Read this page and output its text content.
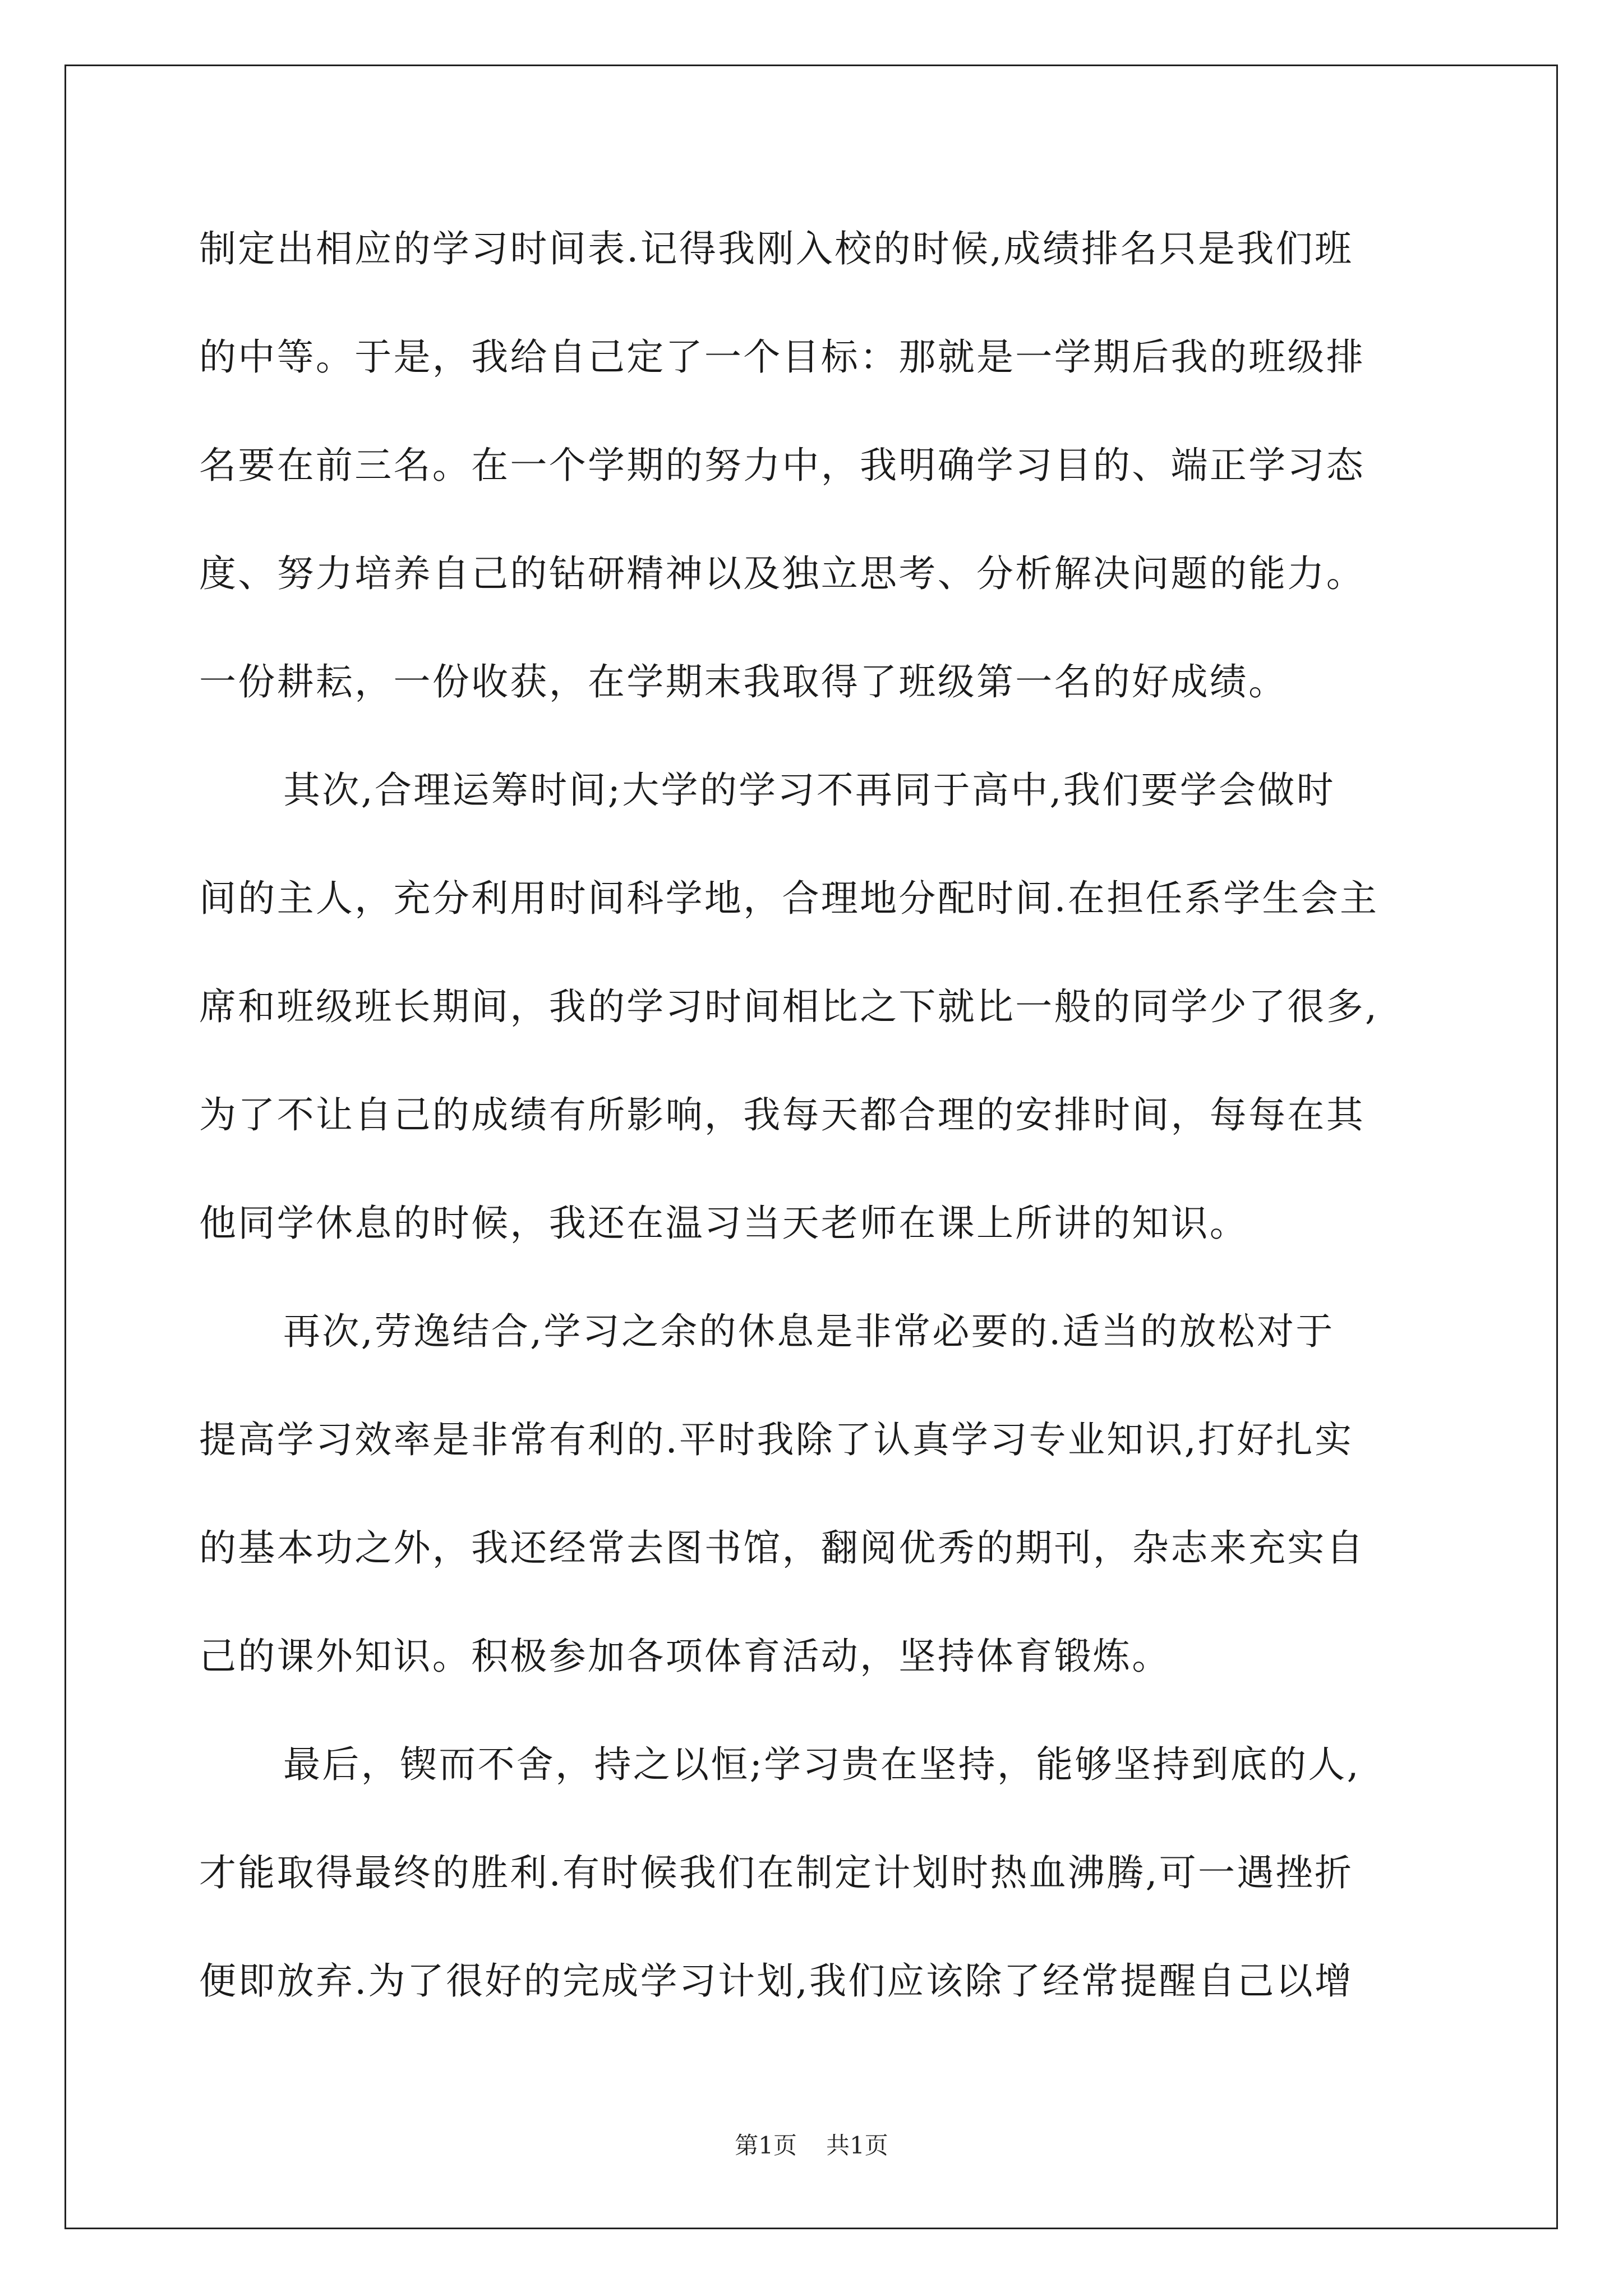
制定出相应的学习时间表.记得我刚入校的时候,成绩排名只是我们班
的中等。于是，我给自己定了一个目标：那就是一学期后我的班级排
名要在前三名。在一个学期的努力中，我明确学习目的、端正学习态
度、努力培养自己的钻研精神以及独立思考、分析解决问题的能力。
一份耕耘，一份收获，在学期末我取得了班级第一名的好成绩。
其次,合理运筹时间;大学的学习不再同于高中,我们要学会做时
间的主人，充分利用时间科学地，合理地分配时间.在担任系学生会主
席和班级班长期间，我的学习时间相比之下就比一般的同学少了很多,
为了不让自己的成绩有所影响，我每天都合理的安排时间，每每在其
他同学休息的时候，我还在温习当天老师在课上所讲的知识。
再次,劳逸结合,学习之余的休息是非常必要的.适当的放松对于
提高学习效率是非常有利的.平时我除了认真学习专业知识,打好扎实
的基本功之外，我还经常去图书馆，翻阅优秀的期刊，杂志来充实自
己的课外知识。积极参加各项体育活动，坚持体育锻炼。
最后，锲而不舍，持之以恒;学习贵在坚持，能够坚持到底的人,
才能取得最终的胜利.有时候我们在制定计划时热血沸腾,可一遇挫折
便即放弃.为了很好的完成学习计划,我们应该除了经常提醒自己以增
第1页 共1页
